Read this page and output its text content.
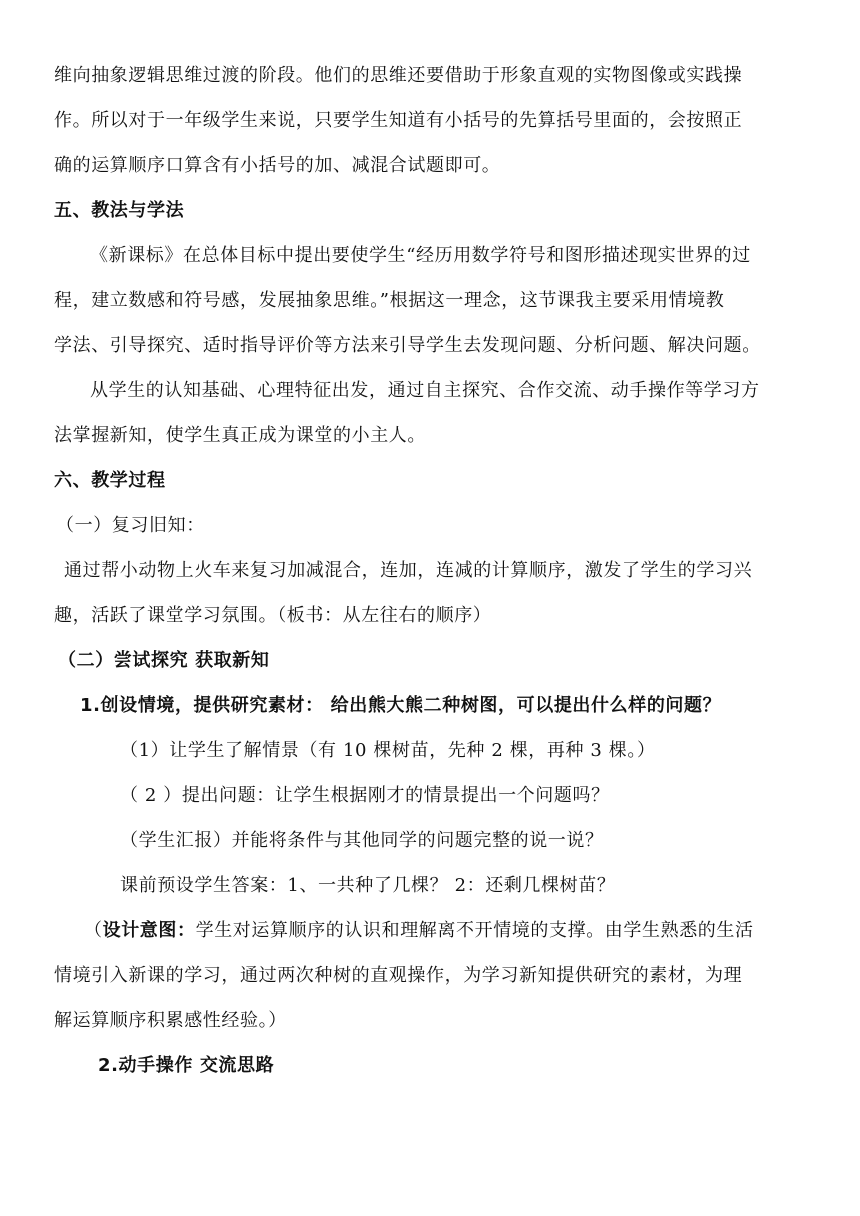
维向抽象逻辑思维过渡的阶段。他们的思维还要借助于形象直观的实物图像或实践操
作。所以对于一年级学生来说，只要学生知道有小括号的先算括号里面的，会按照正
确的运算顺序口算含有小括号的加、减混合试题即可。
五、教法与学法
《新课标》在总体目标中提出要使学生“经历用数学符号和图形描述现实世界的过
程，建立数感和符号感，发展抽象思维。”根据这一理念，这节课我主要采用情境教
学法、引导探究、适时指导评价等方法来引导学生去发现问题、分析问题、解决问题。
从学生的认知基础、心理特征出发，通过自主探究、合作交流、动手操作等学习方
法掌握新知，使学生真正成为课堂的小主人。
六、教学过程
（一）复习旧知：
通过帮小动物上火车来复习加减混合，连加，连减的计算顺序，激发了学生的学习兴
趣，活跃了课堂学习氛围。（板书：从左往右的顺序）
（二）尝试探究 获取新知
1.创设情境，提供研究素材： 给出熊大熊二种树图，可以提出什么样的问题？
（1）让学生了解情景（有 10 棵树苗，先种 2 棵，再种 3 棵。）
（ 2 ）提出问题：让学生根据刚才的情景提出一个问题吗？
（学生汇报）并能将条件与其他同学的问题完整的说一说？
课前预设学生答案：1、一共种了几棵？ 2：还剩几棵树苗？
（设计意图：学生对运算顺序的认识和理解离不开情境的支撑。由学生熟悉的生活
情境引入新课的学习，通过两次种树的直观操作，为学习新知提供研究的素材，为理
解运算顺序积累感性经验。）
2.动手操作 交流思路
